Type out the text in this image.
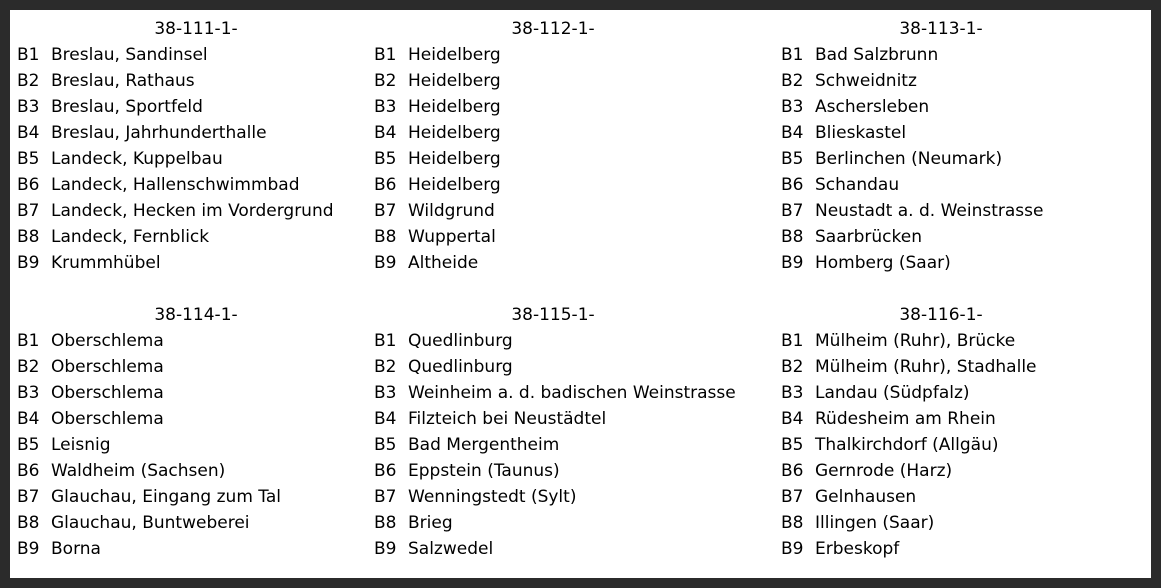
38-111-1-
B1 Breslau, Sandinsel
B2 Breslau, Rathaus
B3 Breslau, Sportfeld
B4 Breslau, Jahrhunderthalle
B5 Landeck, Kuppelbau
B6 Landeck, Hallenschwimmbad
B7 Landeck, Hecken im Vordergrund
B8 Landeck, Fernblick
B9 Krummhübel
38-112-1-
B1 Heidelberg
B2 Heidelberg
B3 Heidelberg
B4 Heidelberg
B5 Heidelberg
B6 Heidelberg
B7 Wildgrund
B8 Wuppertal
B9 Altheide
38-113-1-
B1 Bad Salzbrunn
B2 Schweidnitz
B3 Aschersleben
B4 Blieskastel
B5 Berlinchen (Neumark)
B6 Schandau
B7 Neustadt a. d. Weinstrasse
B8 Saarbrücken
B9 Homberg (Saar)
38-114-1-
B1 Oberschlema
B2 Oberschlema
B3 Oberschlema
B4 Oberschlema
B5 Leisnig
B6 Waldheim (Sachsen)
B7 Glauchau, Eingang zum Tal
B8 Glauchau, Buntweberei
B9 Borna
38-115-1-
B1 Quedlinburg
B2 Quedlinburg
B3 Weinheim a. d. badischen Weinstrasse
B4 Filzteich bei Neustädtel
B5 Bad Mergentheim
B6 Eppstein (Taunus)
B7 Wenningstedt (Sylt)
B8 Brieg
B9 Salzwedel
38-116-1-
B1 Mülheim (Ruhr), Brücke
B2 Mülheim (Ruhr), Stadhalle
B3 Landau (Südpfalz)
B4 Rüdesheim am Rhein
B5 Thalkirchdorf (Allgäu)
B6 Gernrode (Harz)
B7 Gelnhausen
B8 Illingen (Saar)
B9 Erbeskopf
